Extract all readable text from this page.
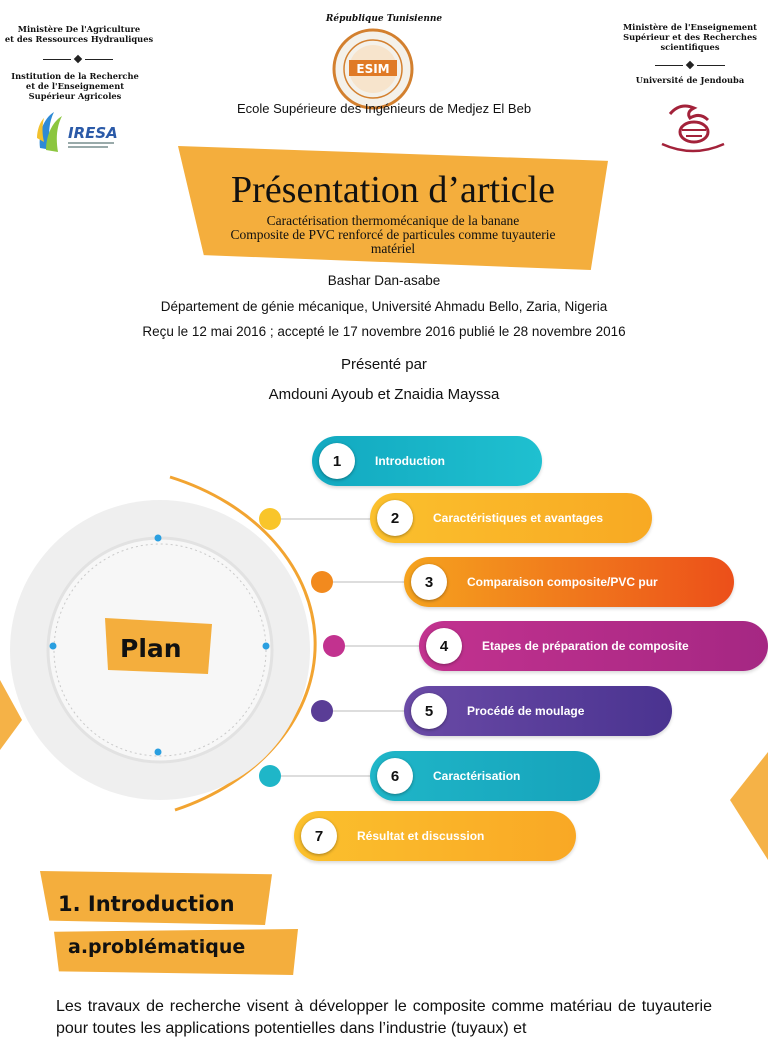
Ministère De l'Agriculture
et des Ressources Hydrauliques
Institution de la Recherche
et de l'Enseignement
Supérieur Agricoles
IRESA
République Tunisienne
ESIM
Ecole Supérieure des Ingénieurs de Medjez El Beb
Ministère de l'Enseignement
Supérieur et des Recherches
scientifiques
Université de Jendouba
Présentation d’article
Caractérisation thermomécanique de la banane
Composite de PVC renforcé de particules comme tuyauterie
matériel
Bashar Dan-asabe
Département de génie mécanique, Université Ahmadu Bello, Zaria, Nigeria
Reçu le 12 mai 2016 ; accepté le 17 novembre 2016 publié le 28 novembre 2016
Présenté par
Amdouni Ayoub et Znaidia Mayssa
Plan
1	Introduction
2	Caractéristiques et avantages
3	Comparaison composite/PVC pur
4	Etapes de préparation de composite
5	Procédé de moulage
6	Caractérisation
7	Résultat et discussion
1. Introduction
a.problématique
Les travaux de recherche visent à développer le composite comme matériau de tuyauterie pour toutes les applications potentielles dans l’industrie (tuyaux) et
